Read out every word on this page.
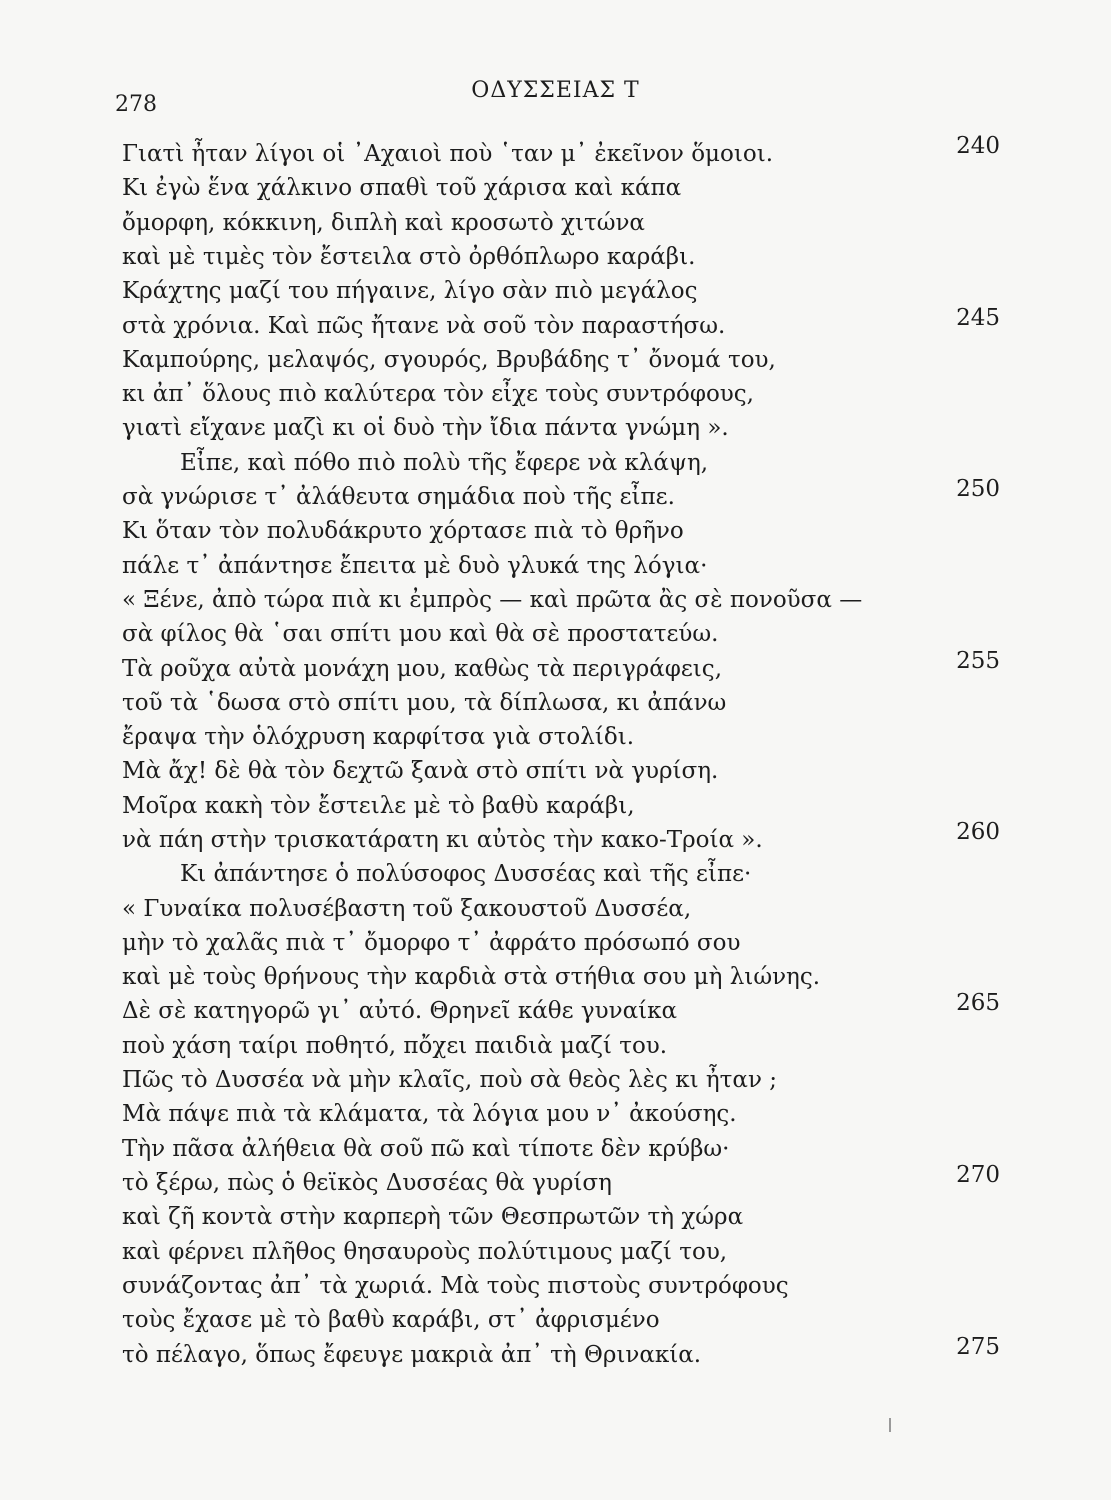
278
ΟΔΥΣΣΕΙΑΣ Τ
Γιατὶ ἦταν λίγοι οἱ ᾿Αχαιοὶ ποὺ ῾ταν μ᾿ ἐκεῖνον ὅμοιοι.	240
Κι ἐγὼ ἕνα χάλκινο σπαθὶ τοῦ χάρισα καὶ κάπα
ὄμορφη, κόκκινη, διπλὴ καὶ κροσωτὸ χιτώνα
καὶ μὲ τιμὲς τὸν ἔστειλα στὸ ὀρθόπλωρο καράβι.
Κράχτης μαζί του πήγαινε, λίγο σὰν πιὸ μεγάλος
στὰ χρόνια. Καὶ πῶς ἤτανε νὰ σοῦ τὸν παραστήσω.	245
Καμπούρης, μελαψός, σγουρός, Βρυβάδης τ᾿ ὄνομά του,
κι ἀπ᾿ ὅλους πιὸ καλύτερα τὸν εἶχε τοὺς συντρόφους,
γιατὶ εἴχανε μαζὶ κι οἱ δυὸ τὴν ἴδια πάντα γνώμη ».
Εἶπε, καὶ πόθο πιὸ πολὺ τῆς ἔφερε νὰ κλάψη,
σὰ γνώρισε τ᾿ ἀλάθευτα σημάδια ποὺ τῆς εἶπε.	250
Κι ὅταν τὸν πολυδάκρυτο χόρτασε πιὰ τὸ θρῆνο
πάλε τ᾿ ἀπάντησε ἔπειτα μὲ δυὸ γλυκά της λόγια·
« Ξένε, ἀπὸ τώρα πιὰ κι ἐμπρὸς — καὶ πρῶτα ἂς σὲ πονοῦσα —
σὰ φίλος θὰ ῾σαι σπίτι μου καὶ θὰ σὲ προστατεύω.
Τὰ ροῦχα αὐτὰ μονάχη μου, καθὼς τὰ περιγράφεις,	255
τοῦ τὰ ῾δωσα στὸ σπίτι μου, τὰ δίπλωσα, κι ἀπάνω
ἔραψα τὴν ὁλόχρυση καρφίτσα γιὰ στολίδι.
Μὰ ἄχ! δὲ θὰ τὸν δεχτῶ ξανὰ στὸ σπίτι νὰ γυρίση.
Μοῖρα κακὴ τὸν ἔστειλε μὲ τὸ βαθὺ καράβι,
νὰ πάη στὴν τρισκατάρατη κι αὐτὸς τὴν κακο-Τροία ».	260
Κι ἀπάντησε ὁ πολύσοφος Δυσσέας καὶ τῆς εἶπε·
« Γυναίκα πολυσέβαστη τοῦ ξακουστοῦ Δυσσέα,
μὴν τὸ χαλᾶς πιὰ τ᾿ ὄμορφο τ᾿ ἀφράτο πρόσωπό σου
καὶ μὲ τοὺς θρήνους τὴν καρδιὰ στὰ στήθια σου μὴ λιώνης.
Δὲ σὲ κατηγορῶ γι᾿ αὐτό. Θρηνεῖ κάθε γυναίκα	265
ποὺ χάση ταίρι ποθητό, πὄχει παιδιὰ μαζί του.
Πῶς τὸ Δυσσέα νὰ μὴν κλαῖς, ποὺ σὰ θεὸς λὲς κι ἦταν ;
Μὰ πάψε πιὰ τὰ κλάματα, τὰ λόγια μου ν᾿ ἀκούσης.
Τὴν πᾶσα ἀλήθεια θὰ σοῦ πῶ καὶ τίποτε δὲν κρύβω·
τὸ ξέρω, πὼς ὁ θεϊκὸς Δυσσέας θὰ γυρίση	270
καὶ ζῆ κοντὰ στὴν καρπερὴ τῶν Θεσπρωτῶν τὴ χώρα
καὶ φέρνει πλῆθος θησαυροὺς πολύτιμους μαζί του,
συνάζοντας ἀπ᾿ τὰ χωριά. Μὰ τοὺς πιστοὺς συντρόφους
τοὺς ἔχασε μὲ τὸ βαθὺ καράβι, στ᾿ ἀφρισμένο
τὸ πέλαγο, ὅπως ἔφευγε μακριὰ ἀπ᾿ τὴ Θρινακία.	275
